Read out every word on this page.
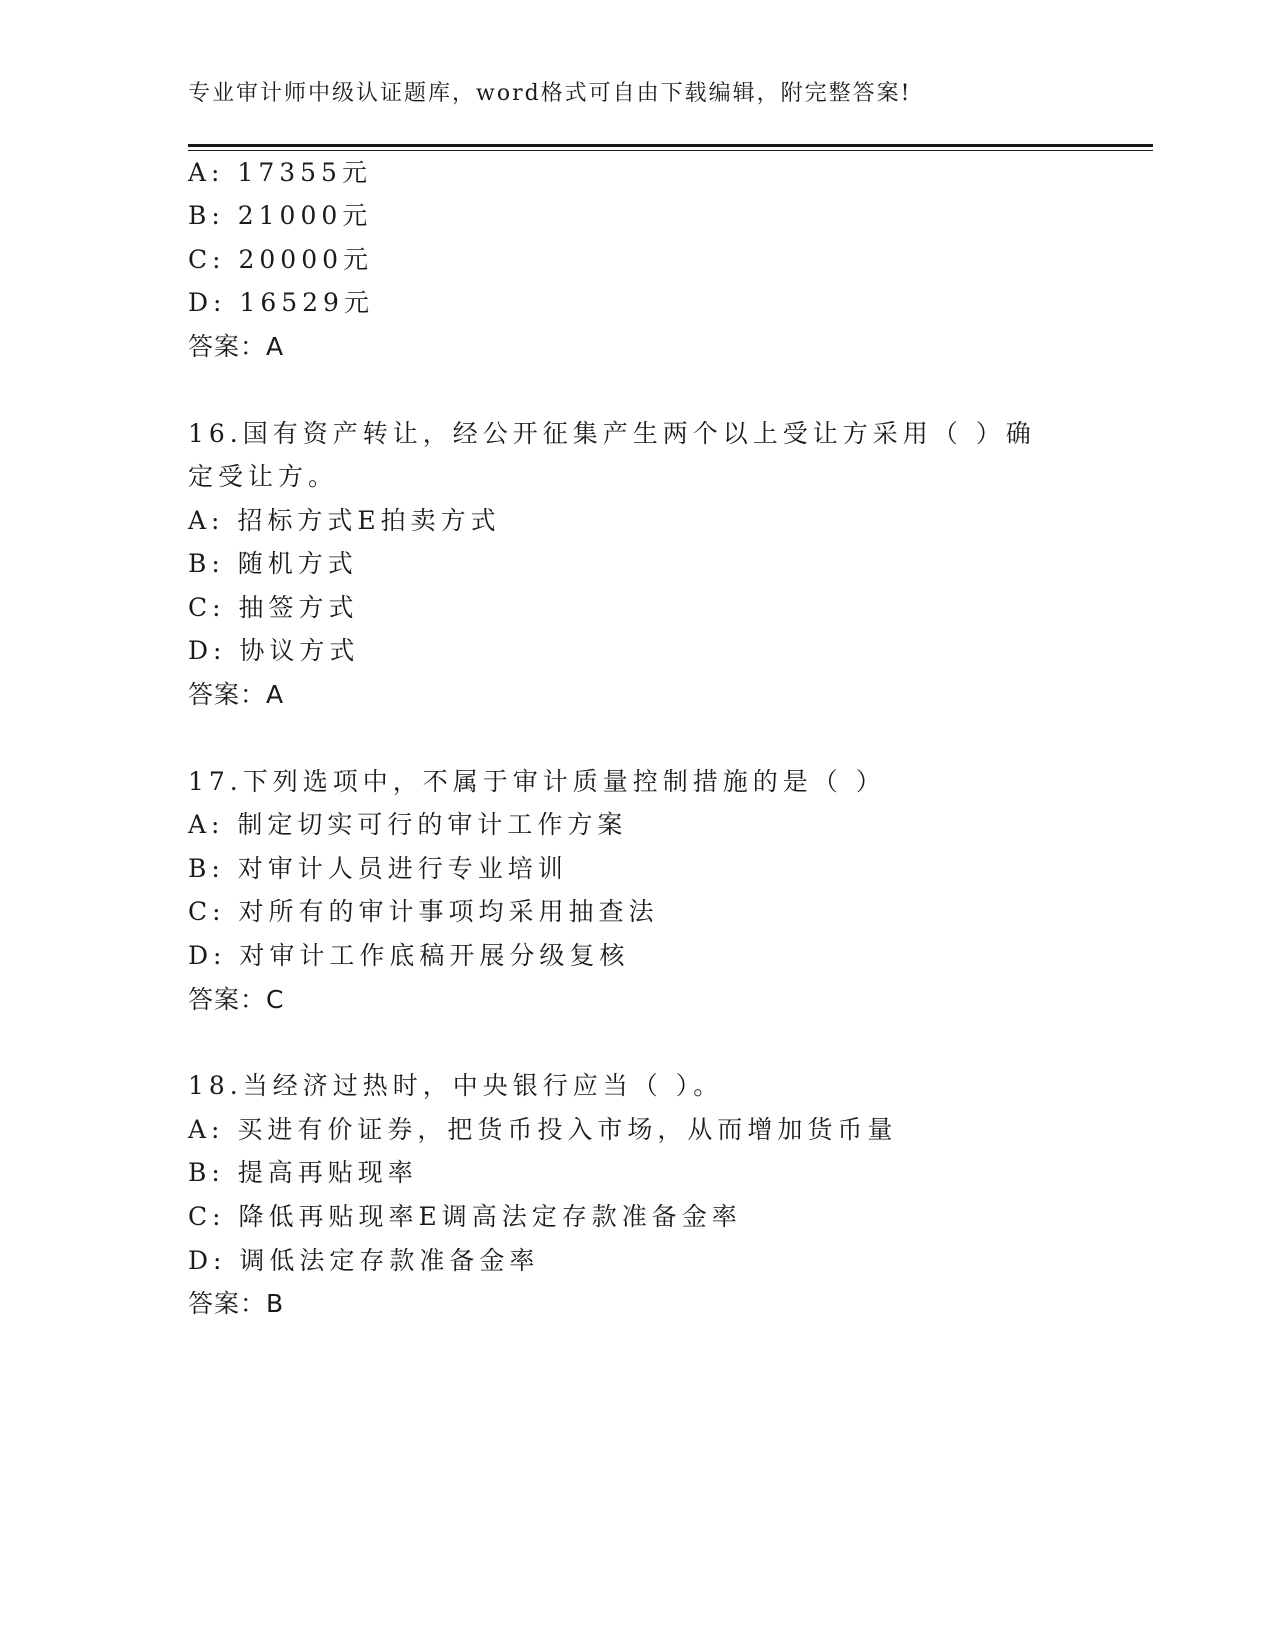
专业审计师中级认证题库，word格式可自由下载编辑，附完整答案!
A: 17355元
B: 21000元
C: 20000元
D: 16529元
答案：A
16.国有资产转让，经公开征集产生两个以上受让方采用（ ）确
定受让方。
A: 招标方式E拍卖方式
B: 随机方式
C: 抽签方式
D: 协议方式
答案：A
17.下列选项中，不属于审计质量控制措施的是（ ）
A: 制定切实可行的审计工作方案
B: 对审计人员进行专业培训
C: 对所有的审计事项均采用抽查法
D: 对审计工作底稿开展分级复核
答案：C
18.当经济过热时，中央银行应当（ ）。
A: 买进有价证券，把货币投入市场，从而增加货币量
B: 提高再贴现率
C: 降低再贴现率E调高法定存款准备金率
D: 调低法定存款准备金率
答案：B
